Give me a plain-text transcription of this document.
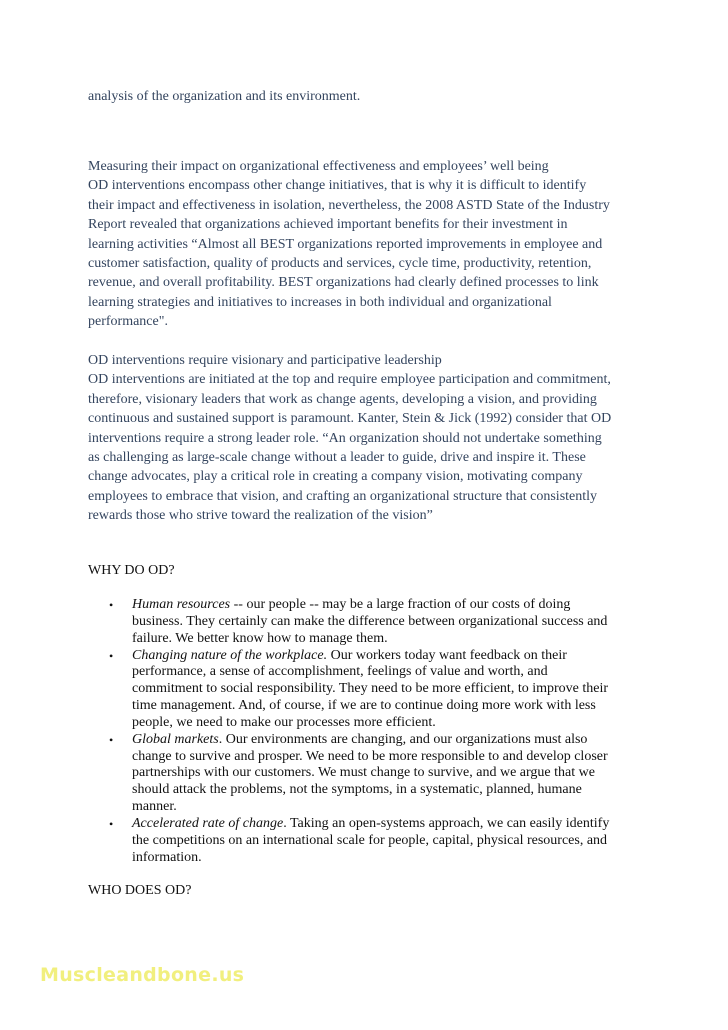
analysis of the organization and its environment.
Measuring their impact on organizational effectiveness and employees’ well being
OD interventions encompass other change initiatives, that is why it is difficult to identify
their impact and effectiveness in isolation, nevertheless, the 2008 ASTD State of the Industry
Report revealed that organizations achieved important benefits for their investment in
learning activities “Almost all BEST organizations reported improvements in employee and
customer satisfaction, quality of products and services, cycle time, productivity, retention,
revenue, and overall profitability. BEST organizations had clearly defined processes to link
learning strategies and initiatives to increases in both individual and organizational
performance".
OD interventions require visionary and participative leadership
OD interventions are initiated at the top and require employee participation and commitment,
therefore, visionary leaders that work as change agents, developing a vision, and providing
continuous and sustained support is paramount. Kanter, Stein & Jick (1992) consider that OD
interventions require a strong leader role. “An organization should not undertake something
as challenging as large-scale change without a leader to guide, drive and inspire it. These
change advocates, play a critical role in creating a company vision, motivating company
employees to embrace that vision, and crafting an organizational structure that consistently
rewards those who strive toward the realization of the vision”
WHY DO OD?
• Human resources -- our people -- may be a large fraction of our costs of doing
business. They certainly can make the difference between organizational success and
failure. We better know how to manage them.
• Changing nature of the workplace. Our workers today want feedback on their
performance, a sense of accomplishment, feelings of value and worth, and
commitment to social responsibility. They need to be more efficient, to improve their
time management. And, of course, if we are to continue doing more work with less
people, we need to make our processes more efficient.
• Global markets. Our environments are changing, and our organizations must also
change to survive and prosper. We need to be more responsible to and develop closer
partnerships with our customers. We must change to survive, and we argue that we
should attack the problems, not the symptoms, in a systematic, planned, humane
manner.
• Accelerated rate of change. Taking an open-systems approach, we can easily identify
the competitions on an international scale for people, capital, physical resources, and
information.
WHO DOES OD?
Muscleandbone.us
